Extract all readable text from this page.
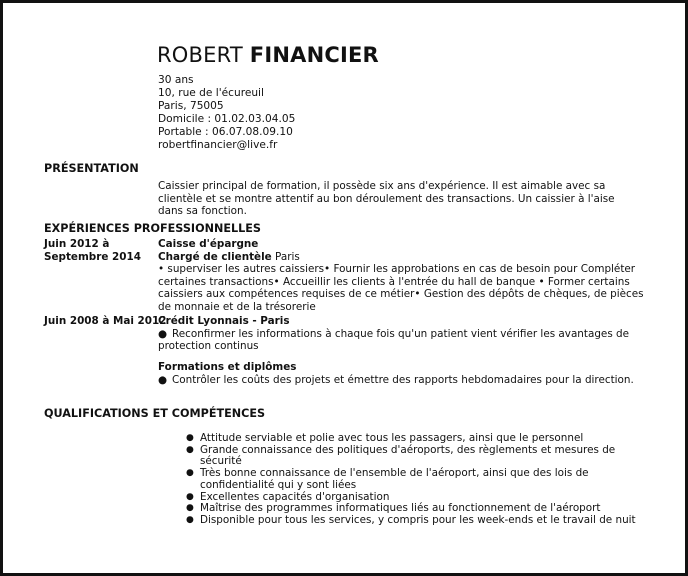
ROBERT FINANCIER
30 ans
10, rue de l'écureuil
Paris, 75005
Domicile : 01.02.03.04.05
Portable : 06.07.08.09.10
robertfinancier@live.fr
PRÉSENTATION
Caissier principal de formation, il possède six ans d'expérience. Il est aimable avec sa clientèle et se montre attentif au bon déroulement des transactions. Un caissier à l'aise dans sa fonction.
EXPÉRIENCES PROFESSIONNELLES
Juin 2012 à Septembre 2014
Caisse d'épargne
Chargé de clientèle Paris
• superviser les autres caissiers• Fournir les approbations en cas de besoin pour Compléter certaines transactions• Accueillir les clients à l'entrée du hall de banque • Former certains caissiers aux compétences requises de ce métier• Gestion des dépôts de chèques, de pièces de monnaie et de la trésorerie
Juin 2008 à Mai 2012
Crédit Lyonnais - Paris
● Reconfirmer les informations à chaque fois qu'un patient vient vérifier les avantages de protection continus
Formations et diplômes
● Contrôler les coûts des projets et émettre des rapports hebdomadaires pour la direction.
QUALIFICATIONS ET COMPÉTENCES
● Attitude serviable et polie avec tous les passagers, ainsi que le personnel
● Grande connaissance des politiques d'aéroports, des règlements et mesures de sécurité
● Très bonne connaissance de l'ensemble de l'aéroport, ainsi que des lois de confidentialité qui y sont liées
● Excellentes capacités d'organisation
● Maîtrise des programmes informatiques liés au fonctionnement de l'aéroport
● Disponible pour tous les services, y compris pour les week-ends et le travail de nuit
